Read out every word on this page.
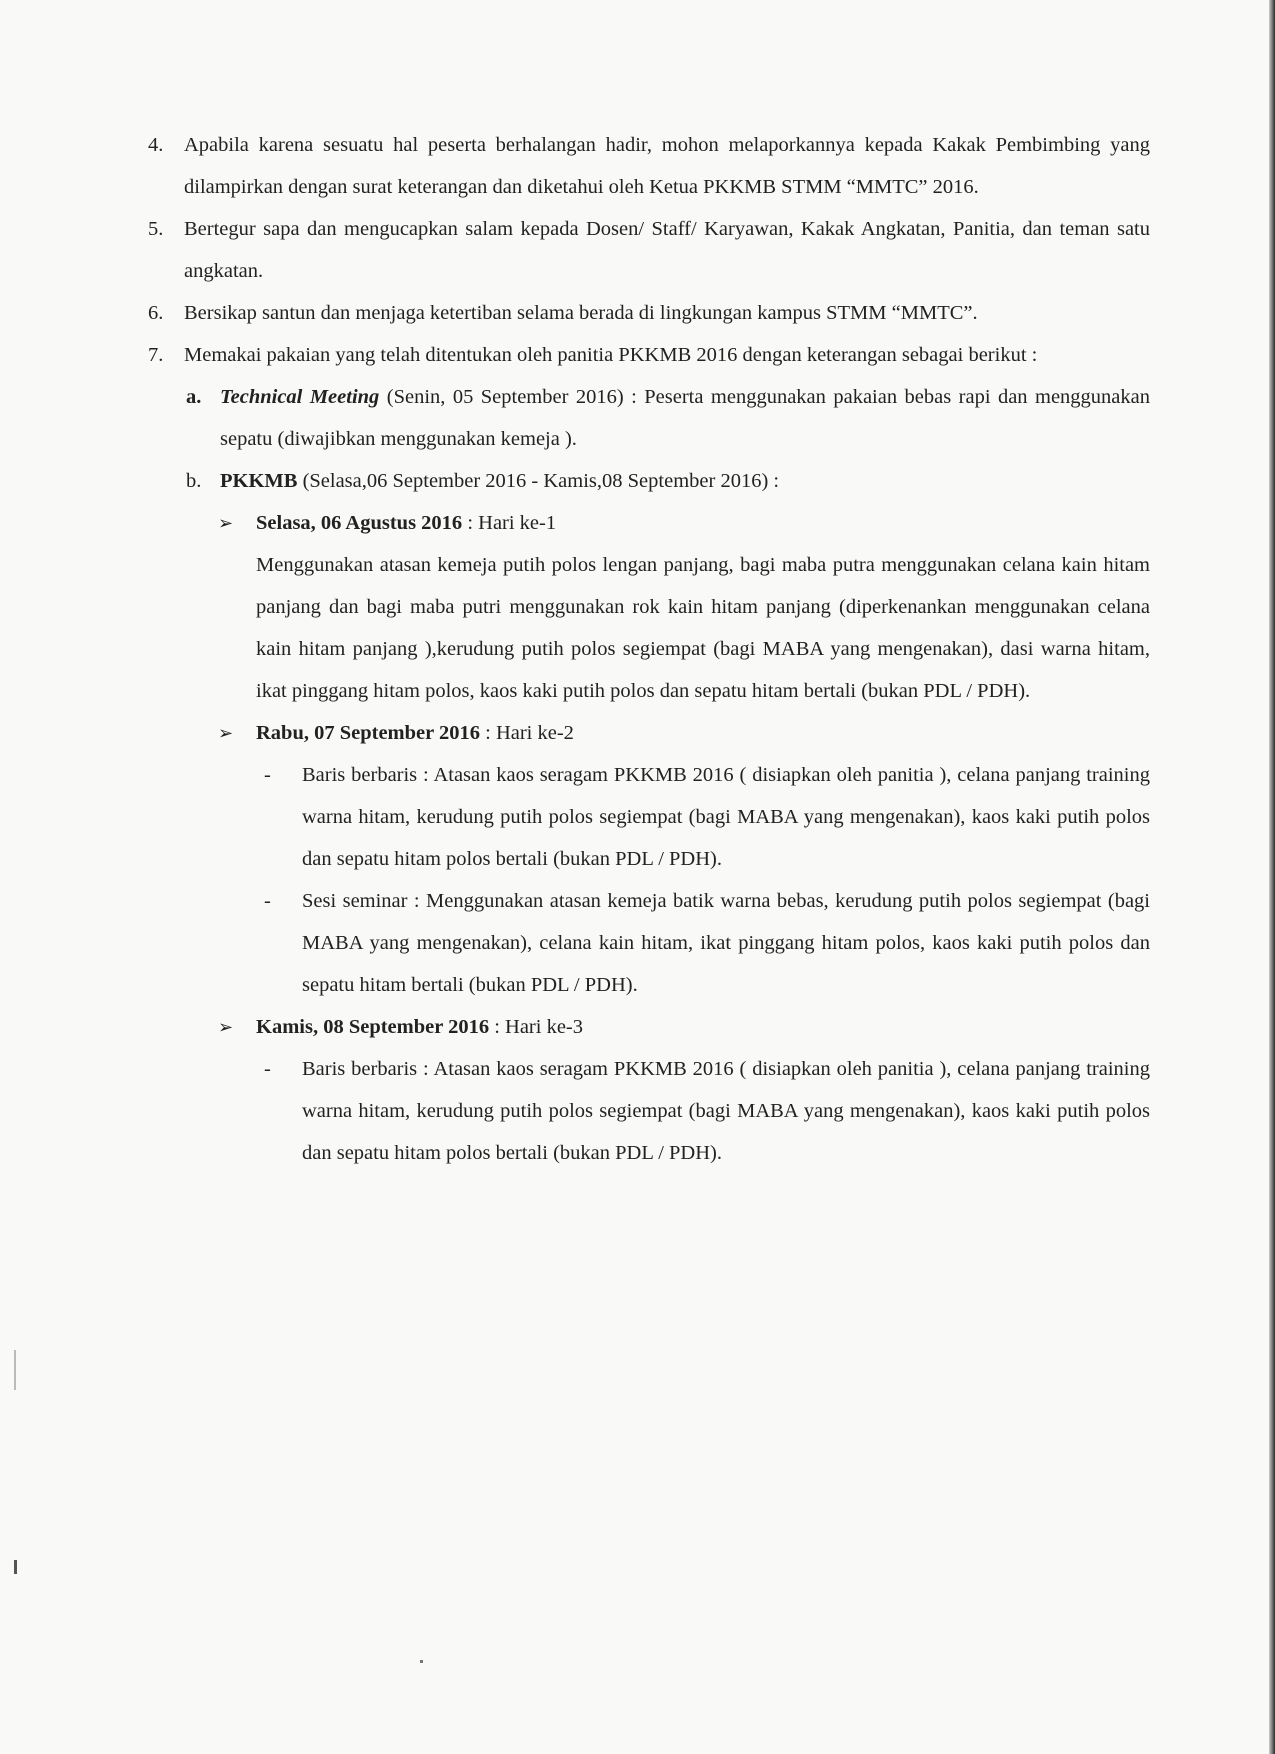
4.	Apabila karena sesuatu hal peserta berhalangan hadir, mohon melaporkannya kepada Kakak Pembimbing yang dilampirkan dengan surat keterangan dan diketahui oleh Ketua PKKMB STMM “MMTC” 2016.
5.	Bertegur sapa dan mengucapkan salam kepada Dosen/ Staff/ Karyawan, Kakak Angkatan, Panitia, dan teman satu angkatan.
6.	Bersikap santun dan menjaga ketertiban selama berada di lingkungan kampus STMM “MMTC”.
7.	Memakai pakaian yang telah ditentukan oleh panitia PKKMB 2016 dengan keterangan sebagai berikut :
a. Technical Meeting (Senin, 05 September 2016) : Peserta menggunakan pakaian bebas rapi dan menggunakan sepatu (diwajibkan menggunakan kemeja ).
b. PKKMB (Selasa,06 September 2016 - Kamis,08 September 2016) :
➢ Selasa, 06 Agustus 2016 : Hari ke-1
Menggunakan atasan kemeja putih polos lengan panjang, bagi maba putra menggunakan celana kain hitam panjang dan bagi maba putri menggunakan rok kain hitam panjang (diperkenankan menggunakan celana kain hitam panjang ),kerudung putih polos segiempat (bagi MABA yang mengenakan), dasi warna hitam, ikat pinggang hitam polos, kaos kaki putih polos dan sepatu hitam bertali (bukan PDL / PDH).
➢ Rabu, 07 September 2016 : Hari ke-2
- Baris berbaris : Atasan kaos seragam PKKMB 2016 ( disiapkan oleh panitia ), celana panjang training warna hitam, kerudung putih polos segiempat (bagi MABA yang mengenakan), kaos kaki putih polos dan sepatu hitam polos bertali (bukan PDL / PDH).
- Sesi seminar : Menggunakan atasan kemeja batik warna bebas, kerudung putih polos segiempat (bagi MABA yang mengenakan), celana kain hitam, ikat pinggang hitam polos, kaos kaki putih polos dan sepatu hitam bertali (bukan PDL / PDH).
➢ Kamis, 08 September 2016 : Hari ke-3
- Baris berbaris : Atasan kaos seragam PKKMB 2016 ( disiapkan oleh panitia ), celana panjang training warna hitam, kerudung putih polos segiempat (bagi MABA yang mengenakan), kaos kaki putih polos dan sepatu hitam polos bertali (bukan PDL / PDH).
